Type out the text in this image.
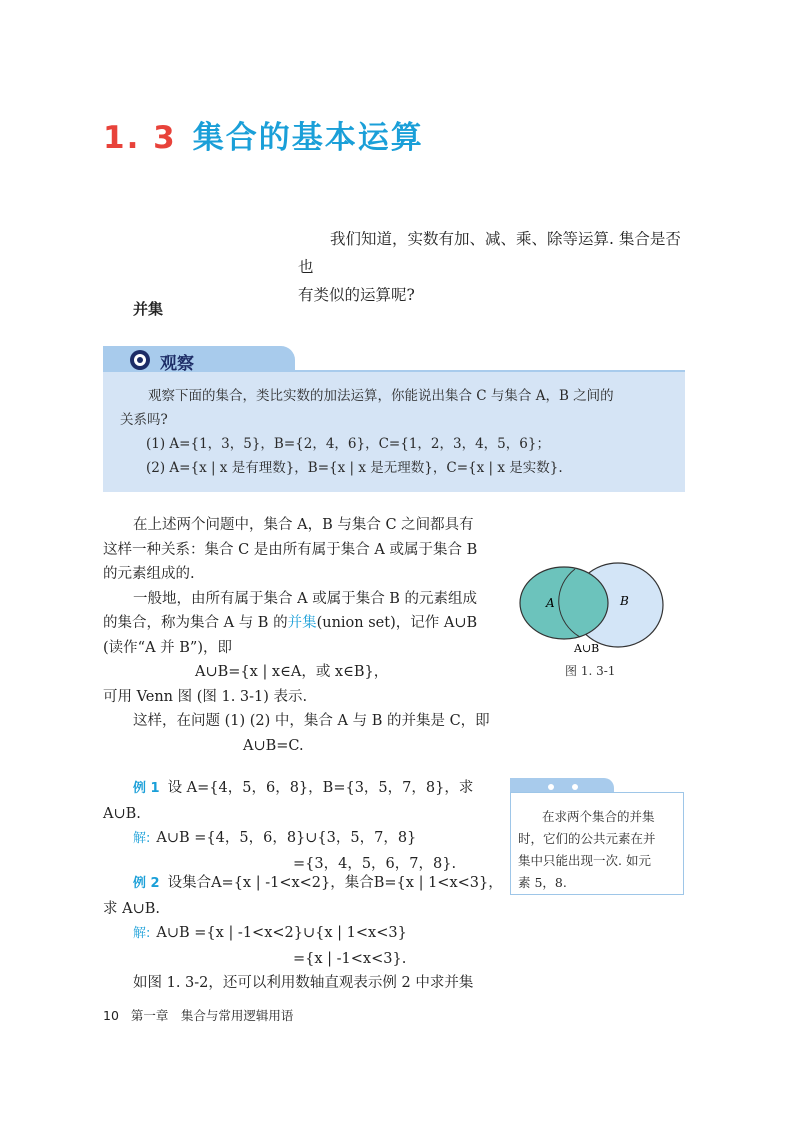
1. 3 集合的基本运算

我们知道，实数有加、减、乘、除等运算. 集合是否也

有类似的运算呢?

并集
观察

观察下面的集合，类比实数的加法运算，你能说出集合 C 与集合 A，B 之间的

关系吗?

(1) A={1，3，5}，B={2，4，6}，C={1，2，3，4，5，6}；

(2) A={x | x 是有理数}，B={x | x 是无理数}，C={x | x 是实数}.

在上述两个问题中，集合 A，B 与集合 C 之间都具有

这样一种关系：集合 C 是由所有属于集合 A 或属于集合 B

的元素组成的.

一般地，由所有属于集合 A 或属于集合 B 的元素组成

的集合，称为集合 A 与 B 的并集(union set)，记作 A∪B

(读作“A 并 B”)，即

A∪B={x | x∈A，或 x∈B}，

可用 Venn 图 (图 1. 3-1) 表示.

这样，在问题 (1) (2) 中，集合 A 与 B 的并集是 C，即

A∪B=C.

A	B
A∪B
图 1. 3-1

例 1 设 A={4，5，6，8}，B={3，5，7，8}，求A∪B.

解: A∪B ={4，5，6，8}∪{3，5，7，8}

={3，4，5，6，7，8}.

在求两个集合的并集

时，它们的公共元素在并

集中只能出现一次. 如元

素 5，8.

例 2 设集合A={x | -1<x<2}，集合B={x | 1<x<3}，

求 A∪B.

解: A∪B ={x | -1<x<2}∪{x | 1<x<3}

={x | -1<x<3}.

如图 1. 3-2，还可以利用数轴直观表示例 2 中求并集

10 第一章　集合与常用逻辑用语
